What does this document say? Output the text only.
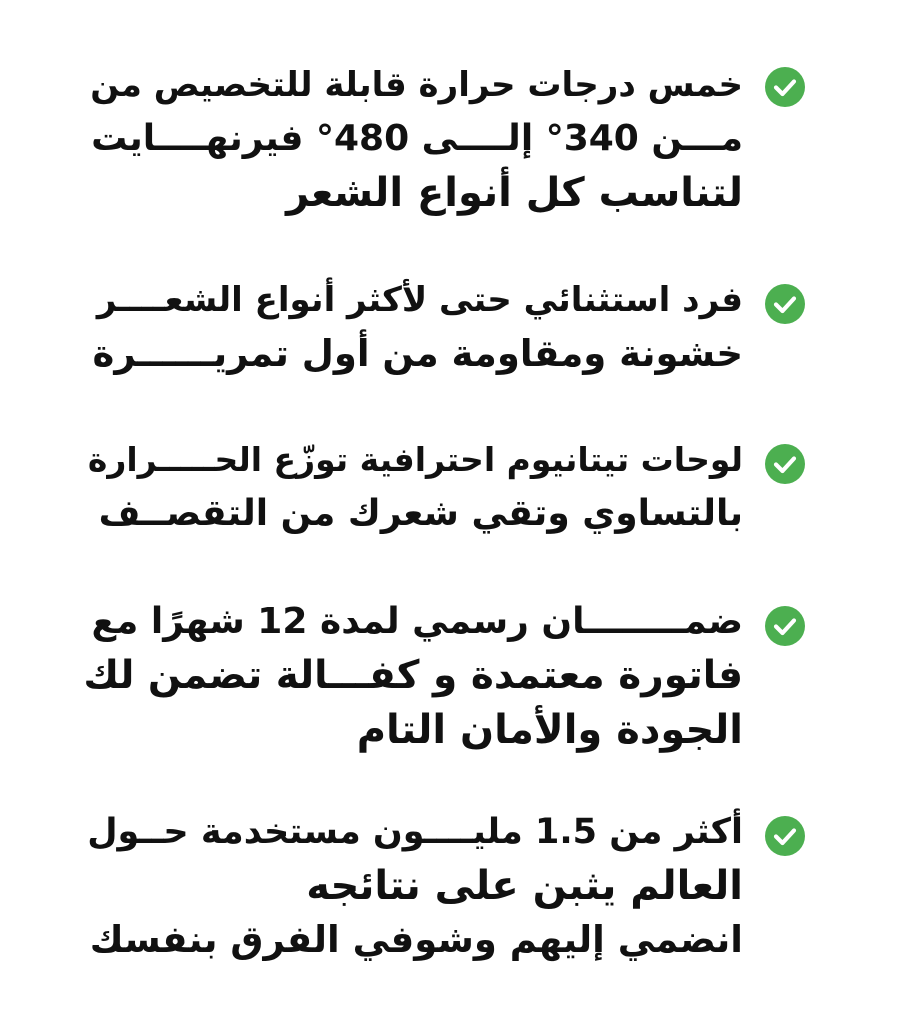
خمس درجات حرارة قابلة للتخصيص من
مـــن 340° إلــــى 480° فيرنهــــايت
لتناسب كل أنواع الشعر
فرد استثنائي حتى لأكثر أنواع الشعــــر
خشونة ومقاومة من أول تمريــــــرة
لوحات تيتانيوم احترافية توزّع الحـــــرارة
بالتساوي وتقي شعرك من التقصــف
ضمــــــــان رسمي لمدة 12 شهرًا مع
فاتورة معتمدة و كفـــالة تضمن لك
الجودة والأمان التام
أكثر من 1.5 مليــــون مستخدمة حــول
العالم يثبن على نتائجه
انضمي إليهم وشوفي الفرق بنفسك
